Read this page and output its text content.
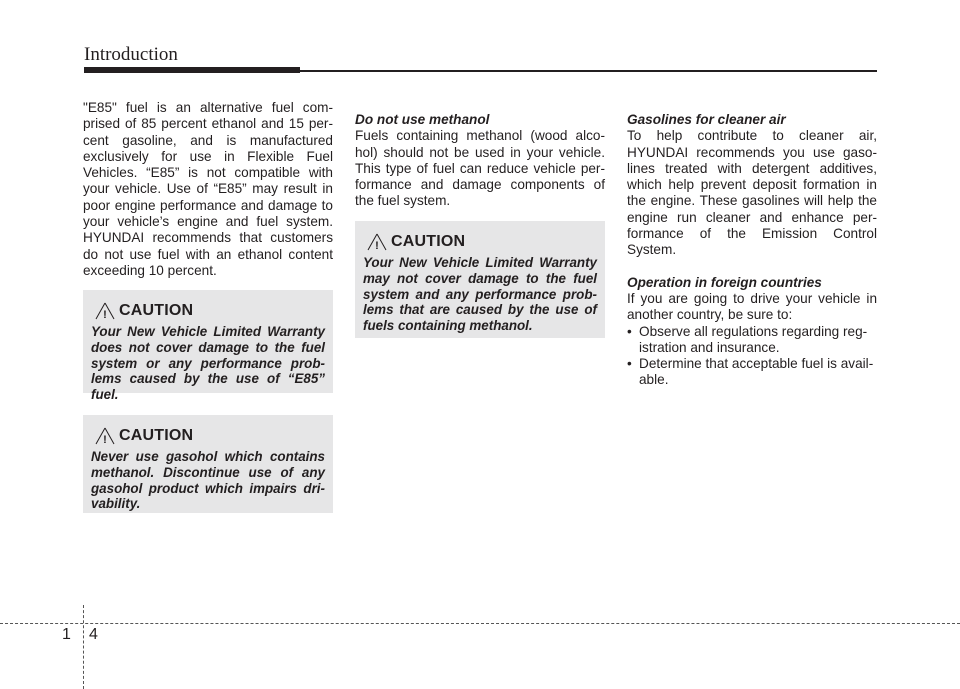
Introduction

"E85" fuel is an alternative fuel com-prised of 85 percent ethanol and 15 per-cent gasoline, and is manufactured exclusively for use in Flexible Fuel Vehicles. “E85” is not compatible with your vehicle. Use of “E85” may result in poor engine performance and damage to your vehicle’s engine and fuel system. HYUNDAI recommends that customers do not use fuel with an ethanol content exceeding 10 percent.

! CAUTION

Your New Vehicle Limited Warranty does not cover damage to the fuel system or any performance prob-lems caused by the use of “E85” fuel.

! CAUTION

Never use gasohol which contains methanol. Discontinue use of any gasohol product which impairs dri-vability.

Do not use methanol

Fuels containing methanol (wood alco-hol) should not be used in your vehicle. This type of fuel can reduce vehicle per-formance and damage components of the fuel system.

! CAUTION

Your New Vehicle Limited Warranty may not cover damage to the fuel system and any performance prob-lems that are caused by the use of fuels containing methanol.

Gasolines for cleaner air

To help contribute to cleaner air, HYUNDAI recommends you use gaso-lines treated with detergent additives, which help prevent deposit formation in the engine. These gasolines will help the engine run cleaner and enhance per-formance of the Emission Control System.

Operation in foreign countries

If you are going to drive your vehicle in another country, be sure to:

• Observe all regulations regarding reg-istration and insurance.
• Determine that acceptable fuel is avail-able.
1 4
